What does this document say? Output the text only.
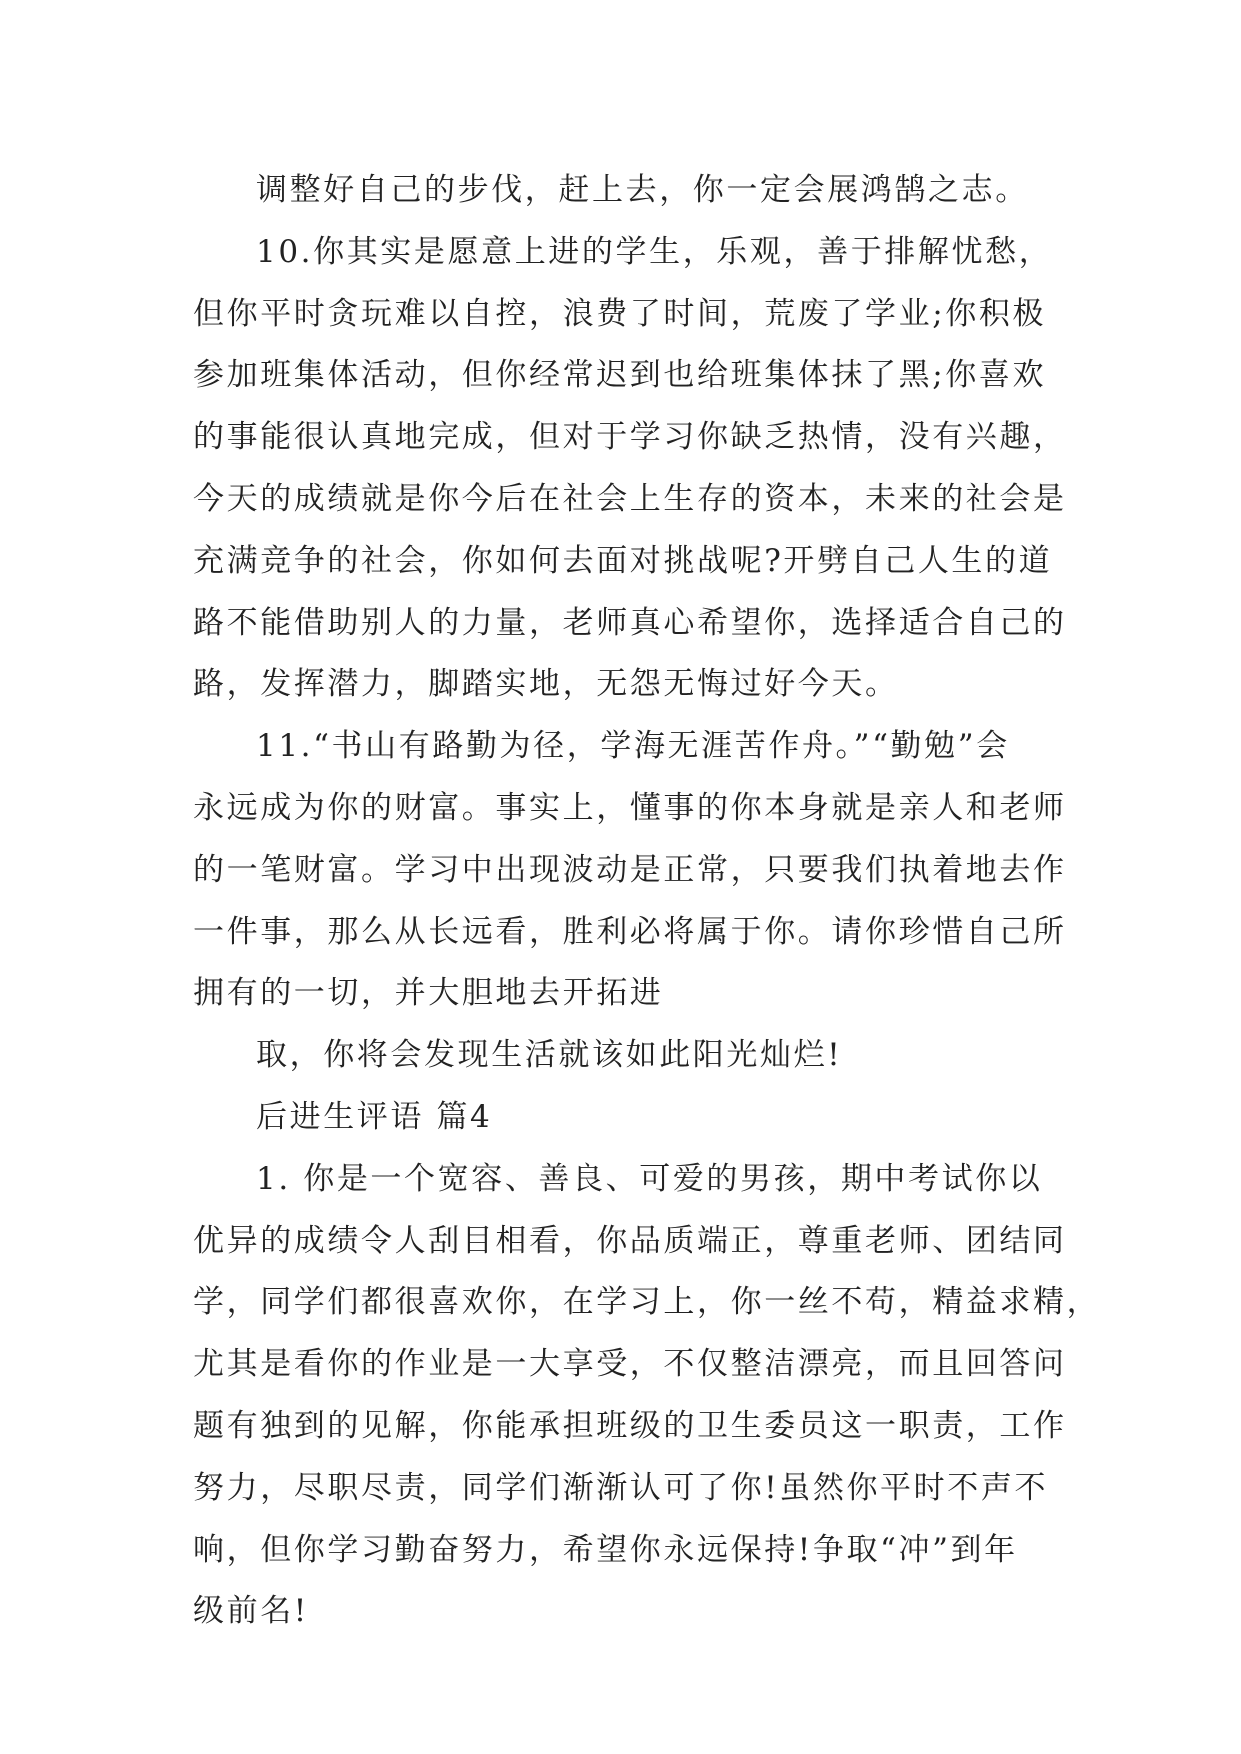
调整好自己的步伐，赶上去，你一定会展鸿鹄之志。
10.你其实是愿意上进的学生，乐观，善于排解忧愁，
但你平时贪玩难以自控，浪费了时间，荒废了学业;你积极
参加班集体活动，但你经常迟到也给班集体抹了黑;你喜欢
的事能很认真地完成，但对于学习你缺乏热情，没有兴趣，
今天的成绩就是你今后在社会上生存的资本，未来的社会是
充满竞争的社会，你如何去面对挑战呢?开劈自己人生的道
路不能借助别人的力量，老师真心希望你，选择适合自己的
路，发挥潜力，脚踏实地，无怨无悔过好今天。
11.“书山有路勤为径，学海无涯苦作舟。”“勤勉”会
永远成为你的财富。事实上，懂事的你本身就是亲人和老师
的一笔财富。学习中出现波动是正常，只要我们执着地去作
一件事，那么从长远看，胜利必将属于你。请你珍惜自己所
拥有的一切，并大胆地去开拓进
取，你将会发现生活就该如此阳光灿烂!
后进生评语 篇4
1. 你是一个宽容、善良、可爱的男孩，期中考试你以
优异的成绩令人刮目相看，你品质端正，尊重老师、团结同
学，同学们都很喜欢你，在学习上，你一丝不苟，精益求精，
尤其是看你的作业是一大享受，不仅整洁漂亮，而且回答问
题有独到的见解，你能承担班级的卫生委员这一职责，工作
努力，尽职尽责，同学们渐渐认可了你!虽然你平时不声不
响，但你学习勤奋努力，希望你永远保持!争取“冲”到年
级前名!
